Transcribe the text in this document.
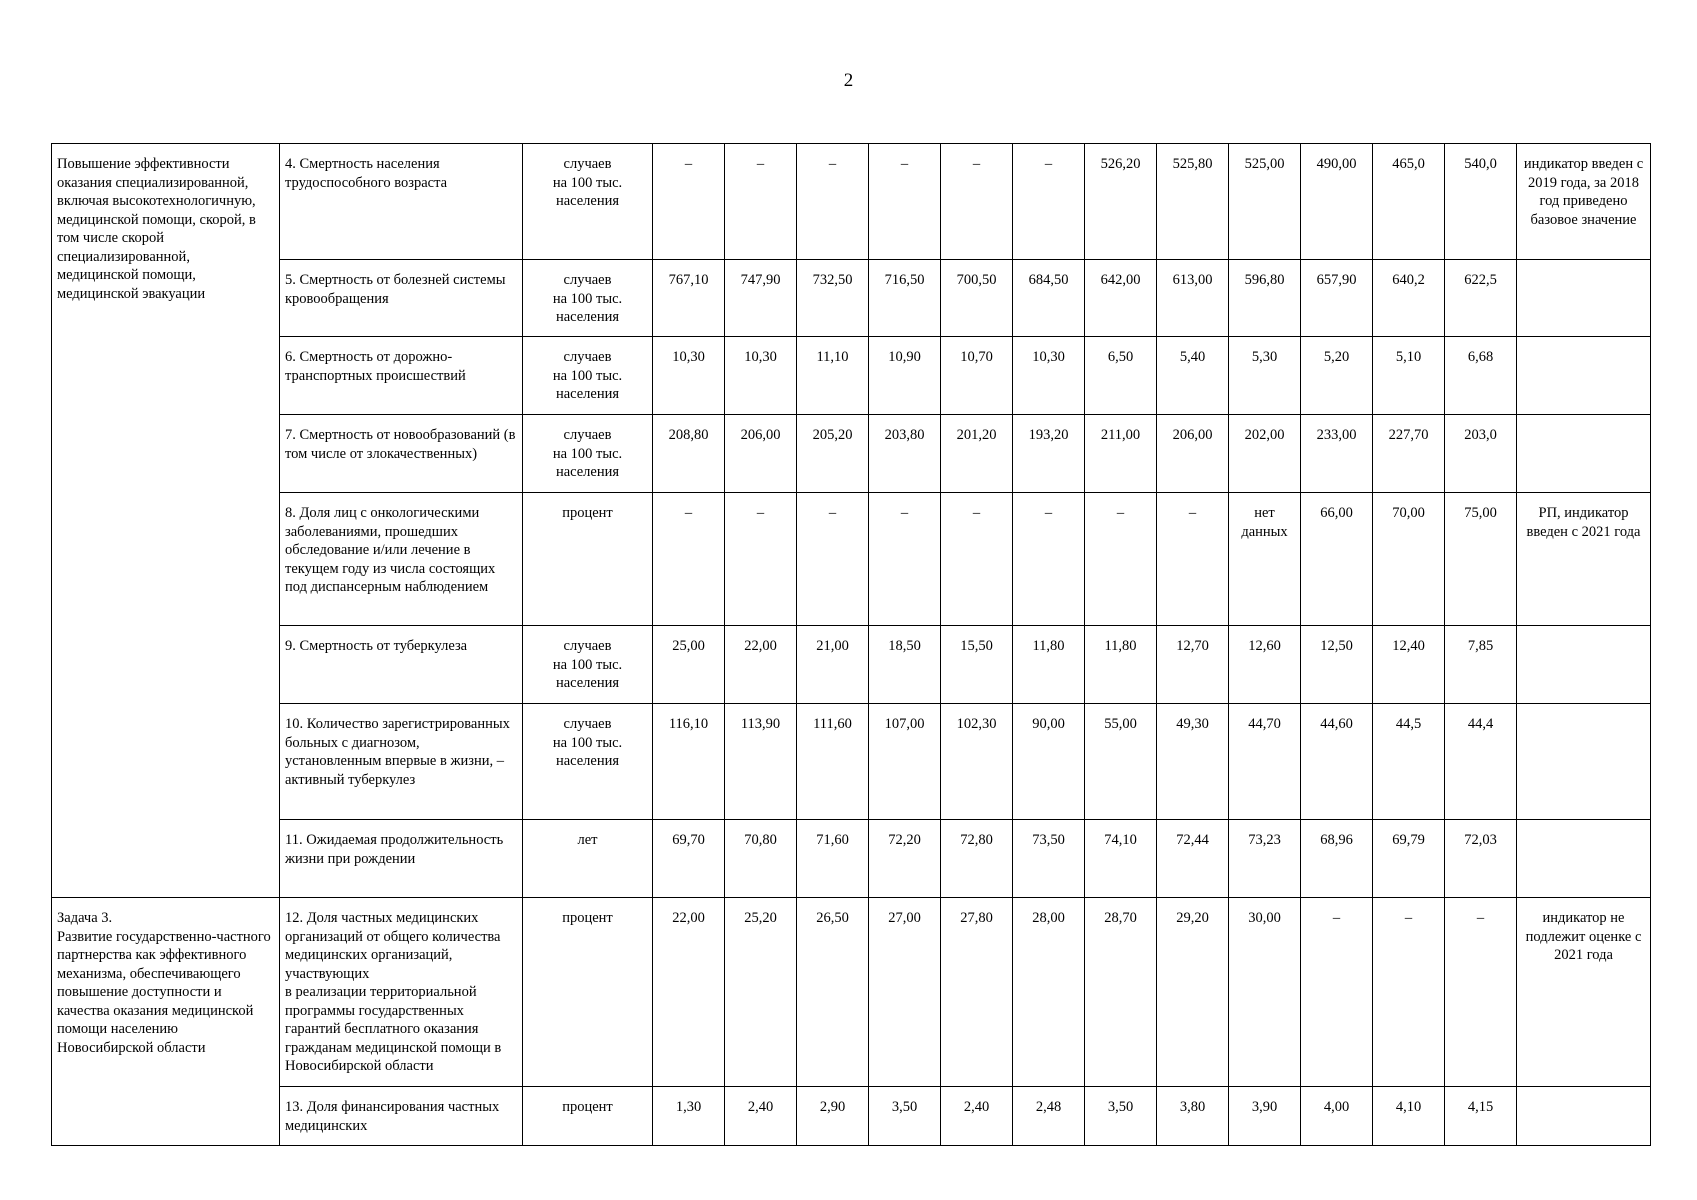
2
Повышение эффективности оказания специализированной, включая высокотехнологичную, медицинской помощи, скорой, в том числе скорой специализированной, медицинской помощи, медицинской эвакуации	4. Смертность населения трудоспособного возраста	случаев
на 100 тыс.
населения	–	–	–	–	–	–	526,20	525,80	525,00	490,00	465,0	540,0	индикатор введен с 2019 года, за 2018 год приведено базовое значение
	5. Смертность от болезней системы кровообращения	случаев
на 100 тыс.
населения	767,10	747,90	732,50	716,50	700,50	684,50	642,00	613,00	596,80	657,90	640,2	622,5	
	6. Смертность от дорожно-транспортных происшествий	случаев
на 100 тыс.
населения	10,30	10,30	11,10	10,90	10,70	10,30	6,50	5,40	5,30	5,20	5,10	6,68	
	7. Смертность от новообразований (в том числе от злокачественных)	случаев
на 100 тыс.
населения	208,80	206,00	205,20	203,80	201,20	193,20	211,00	206,00	202,00	233,00	227,70	203,0	
	8. Доля лиц с онкологическими заболеваниями, прошедших обследование и/или лечение в текущем году из числа состоящих под диспансерным наблюдением	процент	–	–	–	–	–	–	–	–	нет
данных	66,00	70,00	75,00	РП, индикатор введен с 2021 года
	9. Смертность от туберкулеза	случаев
на 100 тыс.
населения	25,00	22,00	21,00	18,50	15,50	11,80	11,80	12,70	12,60	12,50	12,40	7,85	
	10. Количество зарегистрированных больных с диагнозом, установленным впервые в жизни, – активный туберкулез	случаев
на 100 тыс.
населения	116,10	113,90	111,60	107,00	102,30	90,00	55,00	49,30	44,70	44,60	44,5	44,4	
	11. Ожидаемая продолжительность жизни при рождении	лет	69,70	70,80	71,60	72,20	72,80	73,50	74,10	72,44	73,23	68,96	69,79	72,03	
Задача 3.
Развитие государственно-частного партнерства как эффективного механизма, обеспечивающего повышение доступности и качества оказания медицинской помощи населению Новосибирской области	12. Доля частных медицинских организаций от общего количества медицинских организаций, участвующих
в реализации территориальной программы государственных гарантий бесплатного оказания гражданам медицинской помощи в Новосибирской области	процент	22,00	25,20	26,50	27,00	27,80	28,00	28,70	29,20	30,00	–	–	–	индикатор не подлежит оценке с 2021 года
	13. Доля финансирования частных медицинских	процент	1,30	2,40	2,90	3,50	2,40	2,48	3,50	3,80	3,90	4,00	4,10	4,15	
